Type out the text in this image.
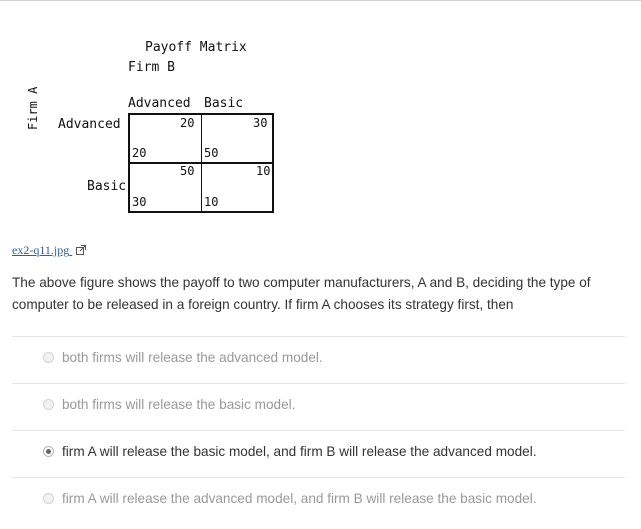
Payoff Matrix
Firm B
Firm A	Advanced Basic
Advanced
Basic
20
20
30
50
50
30
10
10
ex2-q11.jpg
The above figure shows the payoff to two computer manufacturers, A and B, deciding the type of computer to be released in a foreign country. If firm A chooses its strategy first, then
both firms will release the advanced model.
both firms will release the basic model.
firm A will release the basic model, and firm B will release the advanced model.
firm A will release the advanced model, and firm B will release the basic model.
